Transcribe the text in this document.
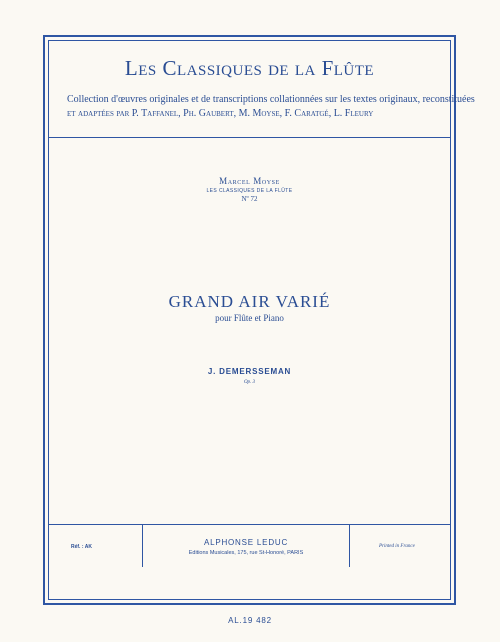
Les Classiques de la Flûte
Collection d'œuvres originales et de transcriptions collationnées sur les textes originaux, reconstituées
et adaptées par P. Taffanel, Ph. Gaubert, M. Moyse, F. Caratgé, L. Fleury
Marcel Moyse
LES CLASSIQUES DE LA FLÛTE
Nº 72
GRAND AIR VARIÉ
pour Flûte et Piano
J. DEMERSSEMAN
Op. 3
Réf. : AK	ALPHONSE LEDUC
Editions Musicales, 175, rue St-Honoré, PARIS
Printed in France
AL.19 482
